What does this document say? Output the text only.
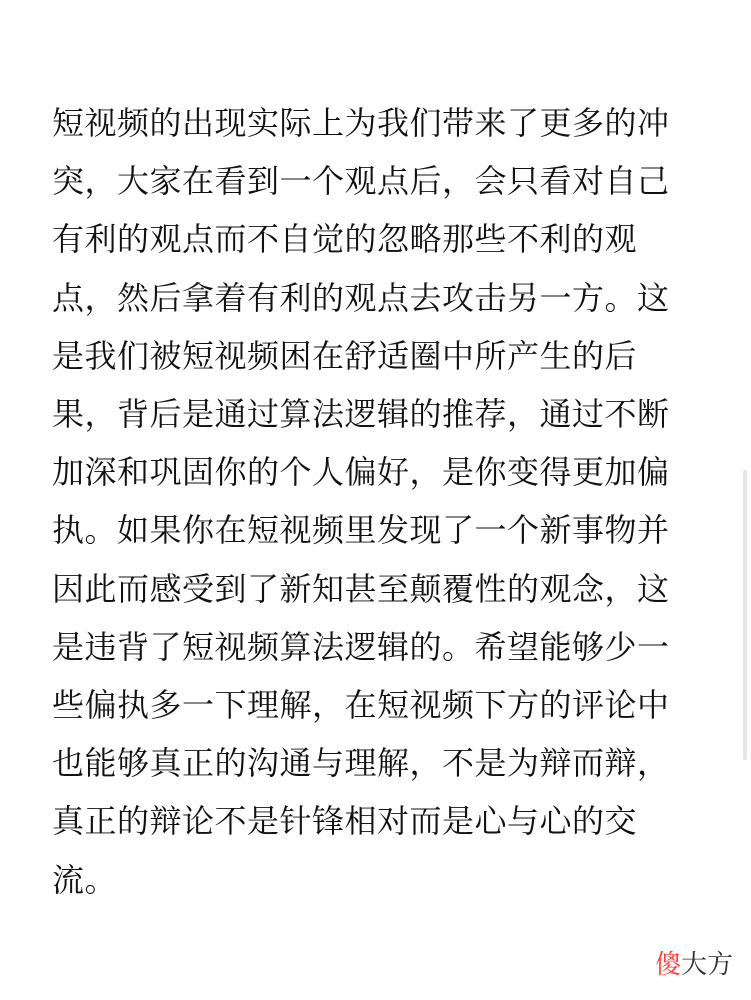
短视频的出现实际上为我们带来了更多的冲
突，大家在看到一个观点后，会只看对自己
有利的观点而不自觉的忽略那些不利的观
点，然后拿着有利的观点去攻击另一方。这
是我们被短视频困在舒适圈中所产生的后
果，背后是通过算法逻辑的推荐，通过不断
加深和巩固你的个人偏好，是你变得更加偏
执。如果你在短视频里发现了一个新事物并
因此而感受到了新知甚至颠覆性的观念，这
是违背了短视频算法逻辑的。希望能够少一
些偏执多一下理解，在短视频下方的评论中
也能够真正的沟通与理解，不是为辩而辩，
真正的辩论不是针锋相对而是心与心的交
流。
傻大方
